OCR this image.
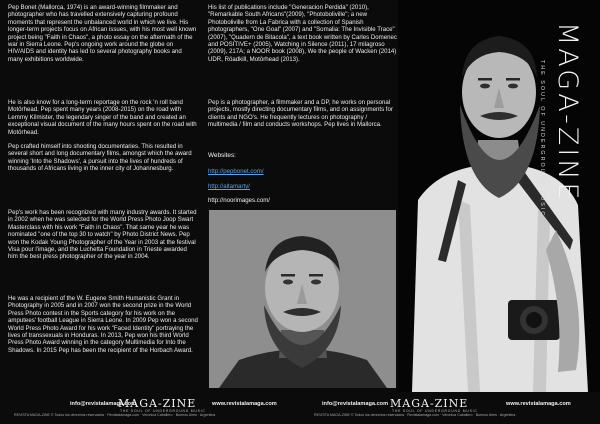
Pep Bonet (Mallorca, 1974) is an award-winning filmmaker and photographer who has travelled extensively capturing profound moments that represent the unbalanced world in which we live. His longer-term projects focus on African issues, with his most well known project being "Faith in Chaos", a photo essay on the aftermath of the war in Sierra Leone. Pep's ongoing work around the globe on HIV/AIDS and identity has led to several photography books and many exhibitions worldwide.

He is also know for a long-term reportage on the rock 'n roll band Motörhead. Pep spent many years (2008-2015) on the road with Lemmy Kilmister, the legendary singer of the band and created an exceptional visual document of the many hours spent on the road with Motörhead.

Pep crafted himself into shooting documentaries. This resulted in several short and long documentary films, amongst which the award winning 'Into the Shadows', a pursuit into the lives of hundreds of thousands of Africans living in the inner city of Johannesburg.

Pep's work has been recognized with many industry awards. It started in 2002 when he was selected for the World Press Photo Joop Swart Masterclass with his work "Faith in Chaos". That same year he was nominated "one of the top 30 to watch" by Photo District News. Pep won the Kodak Young Photographer of the Year in 2003 at the festival Visa pour l'image, and the Luchetta Foundation in Trieste awarded him the best press photographer of the year in 2004.

He was a recipient of the W. Eugene Smith Humanistic Grant in Photography in 2005 and in 2007 won the second prize in the World Press Photo contest in the Sports category for his work on the amputees' football League in Sierra Leone. In 2009 Pep won a second World Press Photo Award for his work "Faced Identity" portraying the lives of transsexuals in Honduras. In 2013, Pep won his third World Press Photo Award winning in the category Multimedia for Into the Shadows. In 2015 Pep has been the recipient of the Horbach Award.

His list of publications include "Generacion Perdida" (2010), "Remarkable South Africans"(2009), "Photoboliville"; a new Photoboliville from La Fabrica with a collection of Spanish photographers, "One Goal" (2007) and "Somalia: The Invisible Trace" (2007), "Quadern de Bitacola", a text book written by Carles Domenec and POSITIVE+ (2005), Watching in Silence (2011), 17 milagroso (2009), 217A; a NOOR book (2008), We the people of Wacken (2014) UDR, Röadkill, Motörhead (2013).

Pep is a photographer, a filmmaker and a DP, he works on personal projects, mostly directing documentary films, and on assignments for clients and NGO's. He frequently lectures on photography / multimedia / film and conducts workshops. Pep lives in Mallorca.

Websites:
http://pepbonet.com/
http://altamarty/
http://noorimages.com/	MAGA-ZINE
THE SOUL OF UNDERGROUND MUSIC
info@revistalamaga.com
MAGA-ZINE
THE SOUL OF UNDERGROUND MUSIC
www.revistalamaga.com
REVISTA MAGA-ZINE © Todos los derechos reservados · Revistalamaga.com · Veronica Caballero · Buenos Aires · Argentina
info@revistalamaga.com MAGA-ZINE
THE SOUL OF UNDERGROUND MUSIC
www.revistalamaga.com
REVISTA MAGA-ZINE © Todos los derechos reservados · Revistalamaga.com · Veronica Caballero · Buenos Aires · Argentina
